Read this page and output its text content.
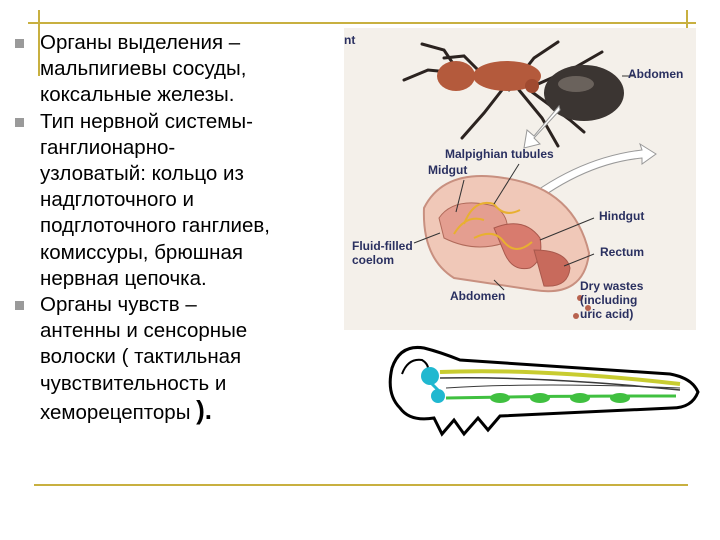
Органы выделения –
мальпигиевы сосуды,
коксальные железы.
Тип нервной системы-
ганглионарно-
узловатый: кольцо из
надглоточного и
подглоточного ганглиев,
комиссуры, брюшная
нервная цепочка.
Органы чувств –
антенны и сенсорные
волоски ( тактильная
чувствительность и
хеморецепторы ).
nt
Abdomen
Malpighian tubules
Midgut
Hindgut
Fluid-filled
coelom
Rectum
Abdomen
Dry wastes
(including
uric acid)
